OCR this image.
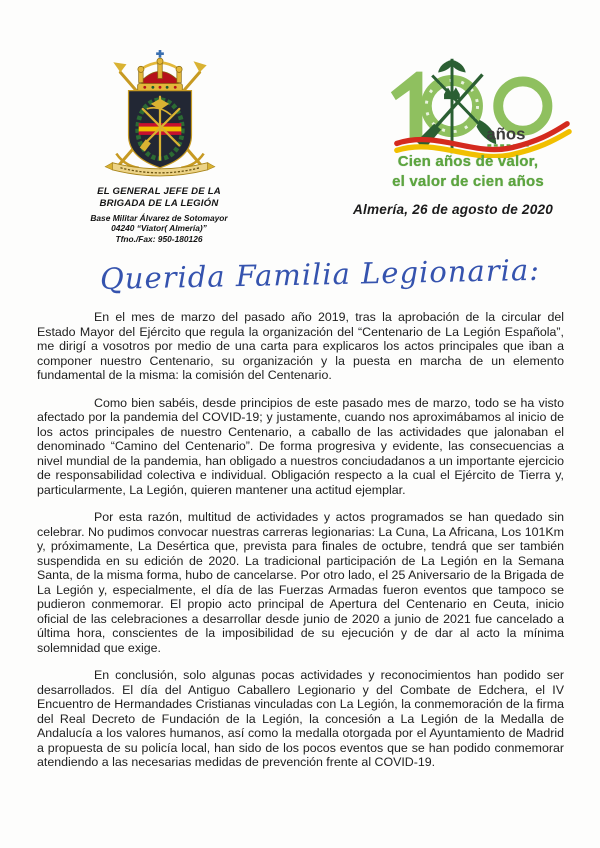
EL GENERAL JEFE DE LA
BRIGADA DE LA LEGIÓN
Base Militar Álvarez de Sotomayor
04240 “Viator( Almería)”
Tfno./Fax: 950-180126
años
Cien años de valor,
el valor de cien años
Almería, 26 de agosto de 2020
Querida Familia Legionaria:

En el mes de marzo del pasado año 2019, tras la aprobación de la circular del Estado Mayor del Ejército que regula la organización del “Centenario de La Legión Española”, me dirigí a vosotros por medio de una carta para explicaros los actos principales que iban a componer nuestro Centenario, su organización y la puesta en marcha de un elemento fundamental de la misma: la comisión del Centenario.

Como bien sabéis, desde principios de este pasado mes de marzo, todo se ha visto afectado por la pandemia del COVID-19; y justamente, cuando nos aproximábamos al inicio de los actos principales de nuestro Centenario, a caballo de las actividades que jalonaban el denominado “Camino del Centenario”. De forma progresiva y evidente, las consecuencias a nivel mundial de la pandemia, han obligado a nuestros conciudadanos a un importante ejercicio de responsabilidad colectiva e individual. Obligación respecto a la cual el Ejército de Tierra y, particularmente, La Legión, quieren mantener una actitud ejemplar.

Por esta razón, multitud de actividades y actos programados se han quedado sin celebrar. No pudimos convocar nuestras carreras legionarias: La Cuna, La Africana, Los 101Km y, próximamente, La Desértica que, prevista para finales de octubre, tendrá que ser también suspendida en su edición de 2020. La tradicional participación de La Legión en la Semana Santa, de la misma forma, hubo de cancelarse. Por otro lado, el 25 Aniversario de la Brigada de La Legión y, especialmente, el día de las Fuerzas Armadas fueron eventos que tampoco se pudieron conmemorar. El propio acto principal de Apertura del Centenario en Ceuta, inicio oficial de las celebraciones a desarrollar desde junio de 2020 a junio de 2021 fue cancelado a última hora, conscientes de la imposibilidad de su ejecución y de dar al acto la mínima solemnidad que exige.

En conclusión, solo algunas pocas actividades y reconocimientos han podido ser desarrollados. El día del Antiguo Caballero Legionario y del Combate de Edchera, el IV Encuentro de Hermandades Cristianas vinculadas con La Legión, la conmemoración de la firma del Real Decreto de Fundación de la Legión, la concesión a La Legión de la Medalla de Andalucía a los valores humanos, así como la medalla otorgada por el Ayuntamiento de Madrid a propuesta de su policía local, han sido de los pocos eventos que se han podido conmemorar atendiendo a las necesarias medidas de prevención frente al COVID-19.
